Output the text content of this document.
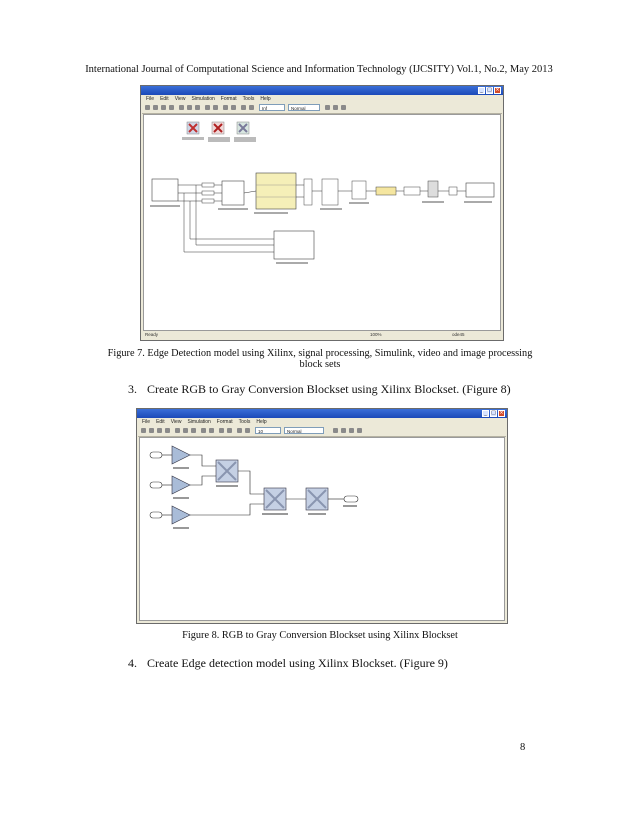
International Journal of Computational Science and Information Technology (IJCSITY) Vol.1, No.2, May 2013
_ □ ×
File Edit View Simulation Format Tools Help
Inf	Normal
Ready	100%	ode45
Figure 7. Edge Detection model using Xilinx, signal processing, Simulink, video and image processing
block sets
3. Create RGB to Gray Conversion Blockset using Xilinx Blockset. (Figure 8)
_ □ ×
File Edit View Simulation Format Tools Help
10	Normal
Figure 8. RGB to Gray Conversion Blockset using Xilinx Blockset
4. Create Edge detection model using Xilinx Blockset. (Figure 9)
8
